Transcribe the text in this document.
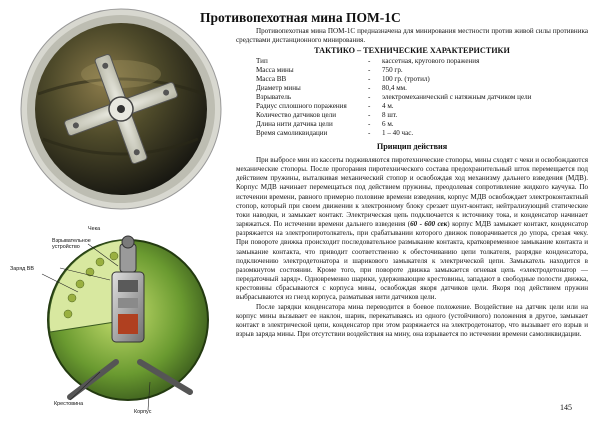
Противопехотная мина ПОМ-1С
Противопехотная мина ПОМ-1С предназначена для минирования местности против живой силы противника средствами дистанционного минирования.
ТАКТИКО – ТЕХНИЧЕСКИЕ ХАРАКТЕРИСТИКИ
Тип	-	кассетная, кругового поражения
Масса мины	-	750 гр.
Масса ВВ	-	100 гр. (тротил)
Диаметр мины	-	80,4 мм.
Взрыватель	-	электромеханический с натяжным датчиком цели
Радиус сплошного поражения	-	4 м.
Количество датчиков цели	-	8 шт.
Длина нити датчика цели	-	6 м.
Время самоликвидации	-	1 – 40 час.
Принцип действия

При выбросе мин из кассеты подживляются пиротехнические стопоры, мины сходят с чеки и освобождаются механические стопоры. После прогорания пиротехнического состава предохранительный шток перемещается под действием пружины, выталкивая механический стопор и освобождая ход механизму дальнего взведения (МДВ). Корпус МДВ начинает перемещаться под действием пружины, преодолевая сопротивление жидкого каучука. По истечении времени, равного примерно половине времени взведения, корпус МДВ освобождает электроконтактный стопор, который при своем движении к электронному блоку срезает шунт-контакт, нейтрализующий статические токи наводки, и замыкает контакт. Электрическая цепь подключается к источнику тока, и конденсатор начинает заряжаться. По истечении времени дальнего взведения (60 - 600 сек) корпус МДВ замыкает контакт, конденсатор разряжается на электропиротолкатель, при срабатывании которого движок поворачивается до упора, срезая чеку. При повороте движка происходит последовательное размыкание контакта, кратковременное замыкание контакта и замыкание контакта, что приводит соответственно к обесточиванию цепи толкателя, разрядке конденсатора, подключению электродетонатора и шарикового замыкателя к электрической цепи. Замыкатель находится в разомкнутом состоянии. Кроме того, при повороте движка замыкается огневая цепь «электродетонатор — передаточный заряд». Одновременно шарики, удерживающие крестовины, западают в свободные полости движка, крестовины сбрасываются с корпуса мины, освобождая якоря датчиков цели. Якоря под действием пружин выбрасываются из гнезд корпуса, разматывая нити датчиков цели.

После зарядки конденсатора мина переводится в боевое положение. Воздействие на датчик цели или на корпус мины вызывает ее наклон, шарик, перекатываясь из одного (устойчивого) положения в другое, замыкает контакт в электрической цепи, конденсатор при этом разряжается на электродетонатор, что вызывает его взрыв и взрыв заряда мины. При отсутствии воздействия на мину, она взрывается по истечении времени самоликвидации.

Чека
Взрывательное
устройство
Заряд ВВ
Крестовина
Корпус	145
